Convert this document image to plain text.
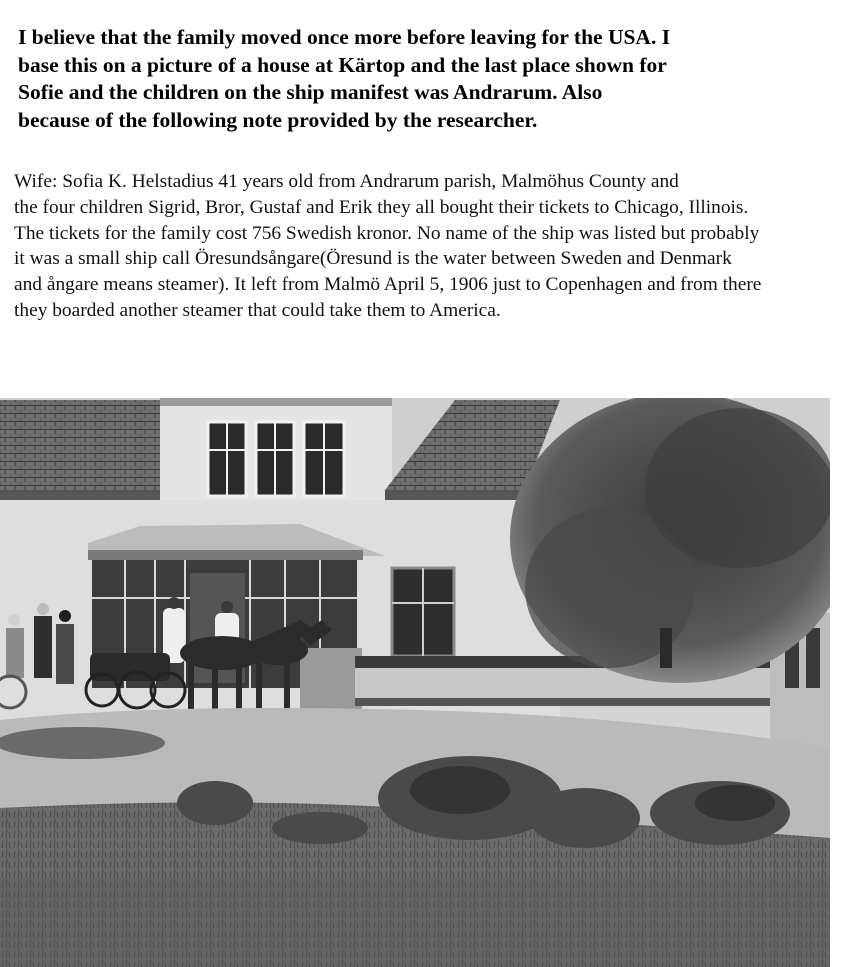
I believe that the family moved once more before leaving for the USA. I
base this on a picture of a house at Kärtop and the last place shown for
Sofie and the children on the ship manifest was Andrarum. Also
because of the following note provided by the researcher.
Wife: Sofia K. Helstadius 41 years old from Andrarum parish, Malmöhus County and
the four children Sigrid, Bror, Gustaf and Erik they all bought their tickets to Chicago, Illinois.
The tickets for the family cost 756 Swedish kronor. No name of the ship was listed but probably
it was a small ship call Öresundsångare(Öresund is the water between Sweden and Denmark
and ångare means steamer). It left from Malmö April 5, 1906 just to Copenhagen and from there
they boarded another steamer that could take them to America.
